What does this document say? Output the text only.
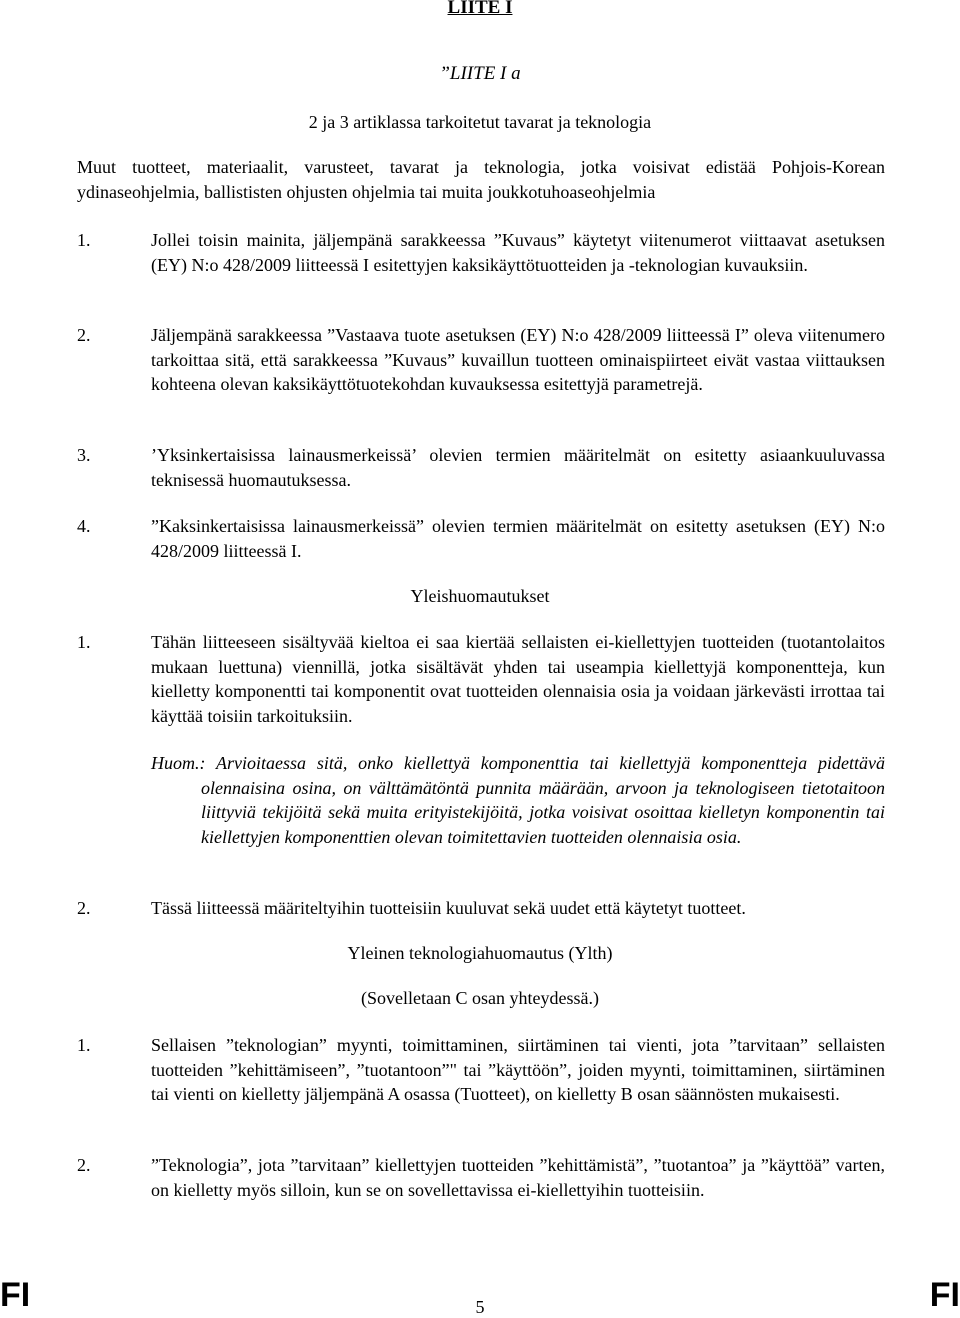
LIITE I
”LIITE I a
2 ja 3 artiklassa tarkoitetut tavarat ja teknologia
Muut tuotteet, materiaalit, varusteet, tavarat ja teknologia, jotka voisivat edistää Pohjois-Korean ydinaseohjelmia, ballististen ohjusten ohjelmia tai muita joukkotuhoaseohjelmia
1.	Jollei toisin mainita, jäljempänä sarakkeessa ”Kuvaus” käytetyt viitenumerot viittaavat asetuksen (EY) N:o 428/2009 liitteessä I esitettyjen kaksikäyttötuotteiden ja -teknologian kuvauksiin.
2.	Jäljempänä sarakkeessa ”Vastaava tuote asetuksen (EY) N:o 428/2009 liitteessä I” oleva viitenumero tarkoittaa sitä, että sarakkeessa ”Kuvaus” kuvaillun tuotteen ominaispiirteet eivät vastaa viittauksen kohteena olevan kaksikäyttötuotekohdan kuvauksessa esitettyjä parametrejä.
3.	’Yksinkertaisissa lainausmerkeissä’ olevien termien määritelmät on esitetty asiaankuuluvassa teknisessä huomautuksessa.
4.	”Kaksinkertaisissa lainausmerkeissä” olevien termien määritelmät on esitetty asetuksen (EY) N:o 428/2009 liitteessä I.
Yleishuomautukset
1.	Tähän liitteeseen sisältyvää kieltoa ei saa kiertää sellaisten ei-kiellettyjen tuotteiden (tuotantolaitos mukaan luettuna) viennillä, jotka sisältävät yhden tai useampia kiellettyjä komponentteja, kun kielletty komponentti tai komponentit ovat tuotteiden olennaisia osia ja voidaan järkevästi irrottaa tai käyttää toisiin tarkoituksiin.
Huom.: Arvioitaessa sitä, onko kiellettyä komponenttia tai kiellettyjä komponentteja pidettävä olennaisina osina, on välttämätöntä punnita määrään, arvoon ja teknologiseen tietotaitoon liittyviä tekijöitä sekä muita erityistekijöitä, jotka voisivat osoittaa kielletyn komponentin tai kiellettyjen komponenttien olevan toimitettavien tuotteiden olennaisia osia.
2.	Tässä liitteessä määriteltyihin tuotteisiin kuuluvat sekä uudet että käytetyt tuotteet.
Yleinen teknologiahuomautus (Ylth)
(Sovelletaan C osan yhteydessä.)
1.	Sellaisen ”teknologian” myynti, toimittaminen, siirtäminen tai vienti, jota ”tarvitaan” sellaisten tuotteiden ”kehittämiseen”, ”tuotantoon”" tai ”käyttöön”, joiden myynti, toimittaminen, siirtäminen tai vienti on kielletty jäljempänä A osassa (Tuotteet), on kielletty B osan säännösten mukaisesti.
2.	”Teknologia”, jota ”tarvitaan” kiellettyjen tuotteiden ”kehittämistä”, ”tuotantoa” ja ”käyttöä” varten, on kielletty myös silloin, kun se on sovellettavissa ei-kiellettyihin tuotteisiin.
FI	5	FI
